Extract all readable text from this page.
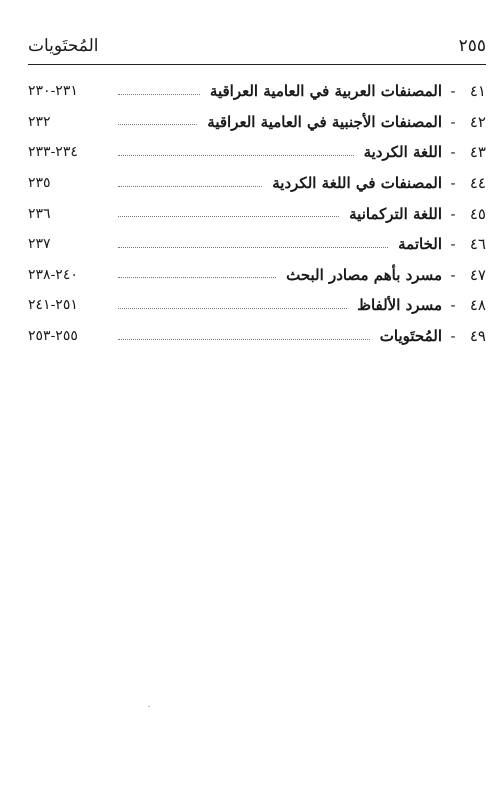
٢٥٥
المُحتَويات
٤١
-
المصنفات العربية في العامية العراقية
٢٣١-٢٣٠
٤٢
-
المصنفات الأجنبية في العامية العراقية
٢٣٢
٤٣
-
اللغة الكردية
٢٣٤-٢٣٣
٤٤
-
المصنفات في اللغة الكردية
٢٣٥
٤٥
-
اللغة التركمانية
٢٣٦
٤٦
-
الخاتمة
٢٣٧
٤٧
-
مسرد بأهم مصادر البحث
٢٤٠-٢٣٨
٤٨
-
مسرد الألفاظ
٢٥١-٢٤١
٤٩
-
المُحتَويات
٢٥٥-٢٥٣
